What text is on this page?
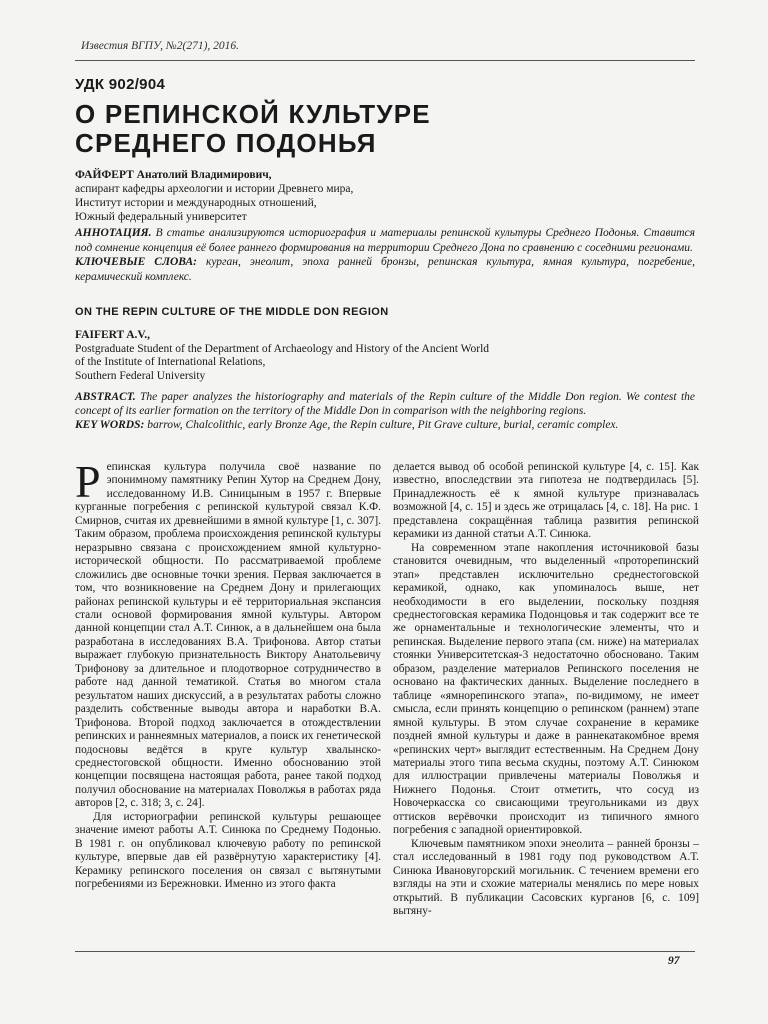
Известия ВГПУ, №2(271), 2016.
УДК 902/904
О РЕПИНСКОЙ КУЛЬТУРЕ
СРЕДНЕГО ПОДОНЬЯ
ФАЙФЕРТ Анатолий Владимирович,
аспирант кафедры археологии и истории Древнего мира,
Институт истории и международных отношений,
Южный федеральный университет

АННОТАЦИЯ. В статье анализируются историография и материалы репинской культуры Среднего Подонья. Ставится под сомнение концепция её более раннего формирования на территории Среднего Дона по сравнению с соседними регионами.

КЛЮЧЕВЫЕ СЛОВА: курган, энеолит, эпоха ранней бронзы, репинская культура, ямная культура, погребение, керамический комплекс.

ON THE REPIN CULTURE OF THE MIDDLE DON REGION
FAIFERT A.V.,
Postgraduate Student of the Department of Archaeology and History of the Ancient World
of the Institute of International Relations,
Southern Federal University

ABSTRACT. The paper analyzes the historiography and materials of the Repin culture of the Middle Don region. We contest the concept of its earlier formation on the territory of the Middle Don in comparison with the neighboring regions.

KEY WORDS: barrow, Chalcolithic, early Bronze Age, the Repin culture, Pit Grave culture, burial, ceramic complex.

Репинская культура получила своё название по эпонимному памятнику Репин Хутор на Среднем Дону, исследованному И.В. Синицыным в 1957 г. Впервые курганные погребения с репинской культурой связал К.Ф. Смирнов, считая их древнейшими в ямной культуре [1, с. 307]. Таким образом, проблема происхождения репинской культуры неразрывно связана с происхождением ямной культурно-исторической общности. По рассматриваемой проблеме сложились две основные точки зрения. Первая заключается в том, что возникновение на Среднем Дону и прилегающих районах репинской культуры и её территориальная экспансия стали основой формирования ямной культуры. Автором данной концепции стал А.Т. Синюк, а в дальнейшем она была разработана в исследованиях В.А. Трифонова. Автор статьи выражает глубокую признательность Виктору Анатольевичу Трифонову за длительное и плодотворное сотрудничество в работе над данной тематикой. Статья во многом стала результатом наших дискуссий, а в результатах работы сложно разделить собственные выводы автора и наработки В.А. Трифонова. Второй подход заключается в отождествлении репинских и раннеямных материалов, а поиск их генетической подосновы ведётся в круге культур хвалынско-среднестоговской общности. Именно обоснованию этой концепции посвящена настоящая работа, ранее такой подход получил обоснование на материалах Поволжья в работах ряда авторов [2, с. 318; 3, с. 24].

Для историографии репинской культуры решающее значение имеют работы А.Т. Синюка по Среднему Подонью. В 1981 г. он опубликовал ключевую работу по репинской культуре, впервые дав ей развёрнутую характеристику [4]. Керамику репинского поселения он связал с вытянутыми погребениями из Бережновки. Именно из этого факта

делается вывод об особой репинской культуре [4, с. 15]. Как известно, впоследствии эта гипотеза не подтвердилась [5]. Принадлежность её к ямной культуре признавалась возможной [4, с. 15] и здесь же отрицалась [4, с. 18]. На рис. 1 представлена сокращённая таблица развития репинской керамики из данной статьи А.Т. Синюка.

На современном этапе накопления источниковой базы становится очевидным, что выделенный «проторепинский этап» представлен исключительно среднестоговской керамикой, однако, как упоминалось выше, нет необходимости в его выделении, поскольку поздняя среднестоговская керамика Подонцовья и так содержит все те же орнаментальные и технологические элементы, что и репинская. Выделение первого этапа (см. ниже) на материалах стоянки Университетская-3 недостаточно обосновано. Таким образом, разделение материалов Репинского поселения не основано на фактических данных. Выделение последнего в таблице «ямнорепинского этапа», по-видимому, не имеет смысла, если принять концепцию о репинском (раннем) этапе ямной культуры. В этом случае сохранение в керамике поздней ямной культуры и даже в раннекатакомбное время «репинских черт» выглядит естественным. На Среднем Дону материалы этого типа весьма скудны, поэтому А.Т. Синюком для иллюстрации привлечены материалы Поволжья и Нижнего Подонья. Стоит отметить, что сосуд из Новочеркасска со свисающими треугольниками из двух оттисков верёвочки происходит из типичного ямного погребения с западной ориентировкой.

Ключевым памятником эпохи энеолита – ранней бронзы – стал исследованный в 1981 году под руководством А.Т. Синюка Ивановугорский могильник. С течением времени его взгляды на эти и схожие материалы менялись по мере новых открытий. В публикации Сасовских курганов [6, с. 109] вытяну-

97
